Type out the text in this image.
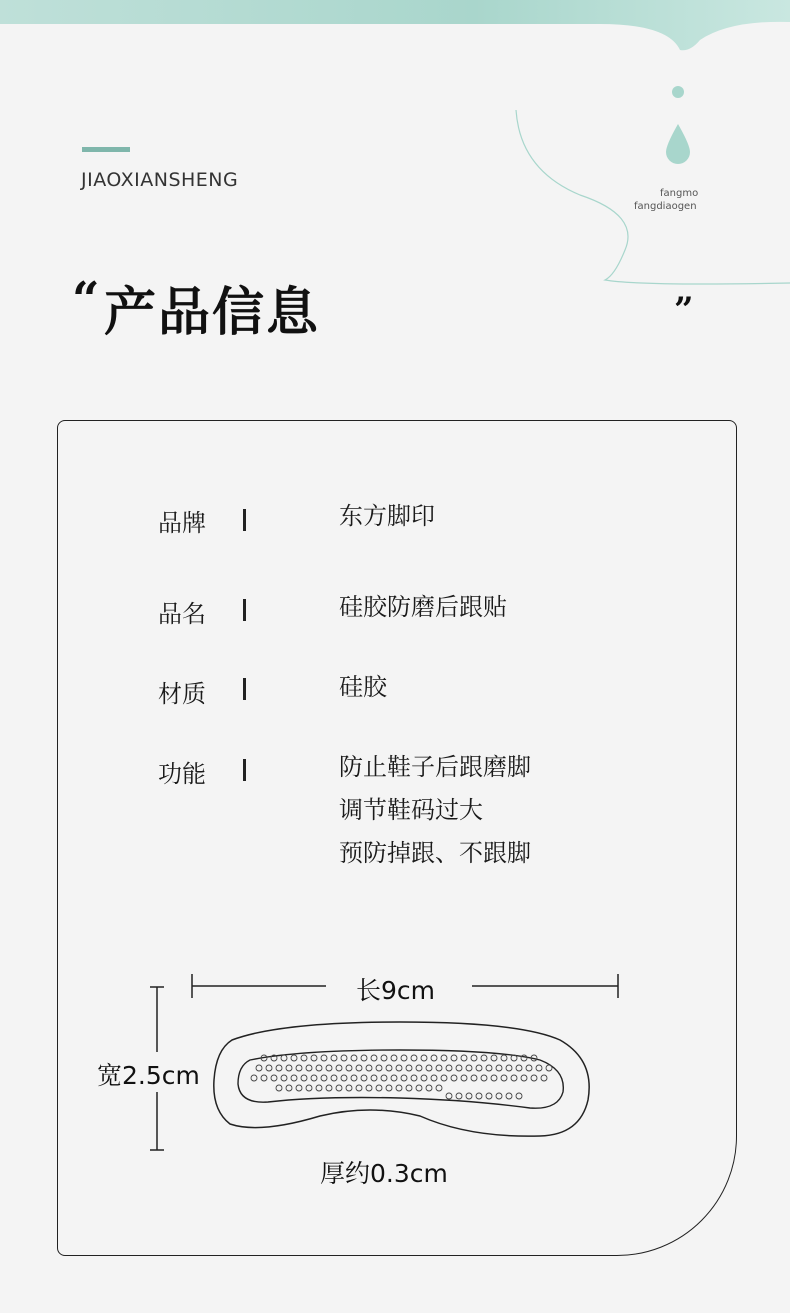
JIAOXIANSHENG
fangmo
fangdiaogen
“ 产品信息	”
品牌	东方脚印
品名	硅胶防磨后跟贴
材质	硅胶
功能	防止鞋子后跟磨脚
调节鞋码过大
预防掉跟、不跟脚
长9cm
宽2.5cm
厚约0.3cm
